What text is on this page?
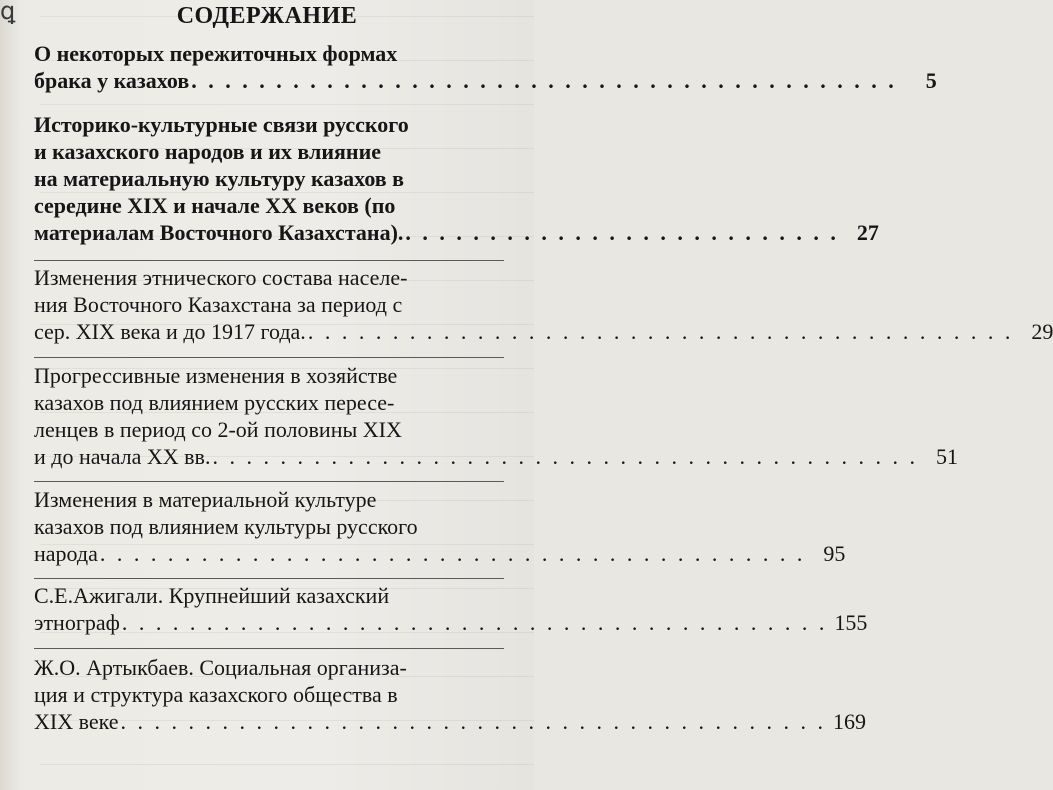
ꝗ	СОДЕРЖАНИЕ
О некоторых пережиточных формах
брака у казахов . . . . . . . . . . . . . . . . . . . . . . . . . . . . . . . . . . . . . . . . . .	5
Историко-культурные связи русского
и казахского народов и их влияние
на материальную культуру казахов в
середине XIX и начале XX веков (по
материалам Восточного Казахстана). . . . . . . . . . . . . . . . . . . . . . . . . . . 27
Изменения этнического состава населе-
ния Восточного Казахстана за период с
сер. XIX века и до 1917 года. . . . . . . . . . . . . . . . . . . . . . . . . . . . . . . . . . . . . . . . . . . 29
Прогрессивные изменения в хозяйстве
казахов под влиянием русских пересе-
ленцев в период со 2-ой половины XIX
и до начала XX вв. . . . . . . . . . . . . . . . . . . . . . . . . . . . . . . . . . . . . . . . . . . 51
Изменения в материальной культуре
казахов под влиянием культуры русского
народа . . . . . . . . . . . . . . . . . . . . . . . . . . . . . . . . . . . . . . . . . . 95
С.Е.Ажигали. Крупнейший казахский
этнограф . . . . . . . . . . . . . . . . . . . . . . . . . . . . . . . . . . . . . . . . . . 155
Ж.О. Артыкбаев. Социальная организа-
ция и структура казахского общества в
XIX веке . . . . . . . . . . . . . . . . . . . . . . . . . . . . . . . . . . . . . . . . . . 169
